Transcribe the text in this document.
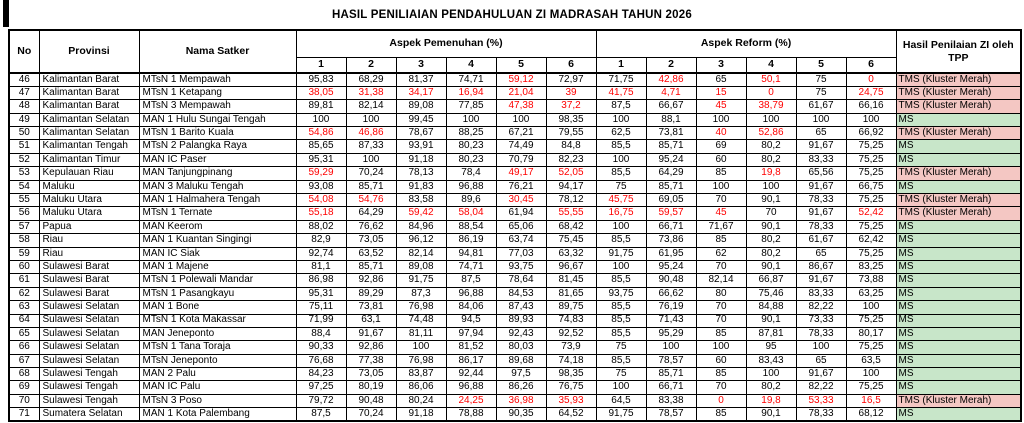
HASIL PENILIAIAN PENDAHULUAN ZI MADRASAH TAHUN 2026
No	Provinsi	Nama Satker	Aspek Pemenuhan (%)						Aspek Reform (%)						Hasil Penilaian ZI oleh TPP
			1	2	3	4	5	6	1	2	3	4	5	6	
46	Kalimantan Barat	MTsN 1 Mempawah	95,83	68,29	81,37	74,71	59,12	72,97	71,75	42,86	65	50,1	75	0	TMS (Kluster Merah)
47	Kalimantan Barat	MTsN 1 Ketapang	38,05	31,38	34,17	16,94	21,04	39	41,75	4,71	15	0	75	24,75	TMS (Kluster Merah)
48	Kalimantan Barat	MTsN 3 Mempawah	89,81	82,14	89,08	77,85	47,38	37,2	87,5	66,67	45	38,79	61,67	66,16	TMS (Kluster Merah)
49	Kalimantan Selatan	MAN 1 Hulu Sungai Tengah	100	100	99,45	100	100	98,35	100	88,1	100	100	100	100	MS
50	Kalimantan Selatan	MTsN 1 Barito Kuala	54,86	46,86	78,67	88,25	67,21	79,55	62,5	73,81	40	52,86	65	66,92	TMS (Kluster Merah)
51	Kalimantan Tengah	MTsN 2 Palangka Raya	85,65	87,33	93,91	80,23	74,49	84,8	85,5	85,71	69	80,2	91,67	75,25	MS
52	Kalimantan Timur	MAN IC Paser	95,31	100	91,18	80,23	70,79	82,23	100	95,24	60	80,2	83,33	75,25	MS
53	Kepulauan Riau	MAN Tanjungpinang	59,29	70,24	78,13	78,4	49,17	52,05	85,5	64,29	85	19,8	65,56	75,25	TMS (Kluster Merah)
54	Maluku	MAN 3 Maluku Tengah	93,08	85,71	91,83	96,88	76,21	94,17	75	85,71	100	100	91,67	66,75	MS
55	Maluku Utara	MAN 1 Halmahera Tengah	54,08	54,76	83,58	89,6	30,45	78,12	45,75	69,05	70	90,1	78,33	75,25	TMS (Kluster Merah)
56	Maluku Utara	MTsN 1 Ternate	55,18	64,29	59,42	58,04	61,94	55,55	16,75	59,57	45	70	91,67	52,42	TMS (Kluster Merah)
57	Papua	MAN Keerom	88,02	76,62	84,96	88,54	65,06	68,42	100	66,71	71,67	90,1	78,33	75,25	MS
58	Riau	MAN 1 Kuantan Singingi	82,9	73,05	96,12	86,19	63,74	75,45	85,5	73,86	85	80,2	61,67	62,42	MS
59	Riau	MAN IC Siak	92,74	63,52	82,14	94,81	77,03	63,32	91,75	61,95	62	80,2	65	75,25	MS
60	Sulawesi Barat	MAN 1 Majene	81,1	85,71	89,08	74,71	93,75	96,67	100	95,24	70	90,1	86,67	83,25	MS
61	Sulawesi Barat	MTsN 1 Polewali Mandar	86,98	92,86	91,75	87,5	78,64	81,45	85,5	90,48	82,14	66,87	91,67	73,88	MS
62	Sulawesi Barat	MTsN 1 Pasangkayu	95,31	89,29	87,3	96,88	84,53	81,65	93,75	66,62	80	75,46	83,33	63,25	MS
63	Sulawesi Selatan	MAN 1 Bone	75,11	73,81	76,98	84,06	87,43	89,75	85,5	76,19	70	84,88	82,22	100	MS
64	Sulawesi Selatan	MTsN 1 Kota Makassar	71,99	63,1	74,48	94,5	89,93	74,83	85,5	71,43	70	90,1	73,33	75,25	MS
65	Sulawesi Selatan	MAN Jeneponto	88,4	91,67	81,11	97,94	92,43	92,52	85,5	95,29	85	87,81	78,33	80,17	MS
66	Sulawesi Selatan	MTsN 1 Tana Toraja	90,33	92,86	100	81,52	80,03	73,9	75	100	100	95	100	75,25	MS
67	Sulawesi Selatan	MTsN Jeneponto	76,68	77,38	76,98	86,17	89,68	74,18	85,5	78,57	60	83,43	65	63,5	MS
68	Sulawesi Tengah	MAN 2 Palu	84,23	73,05	83,87	92,44	97,5	98,35	75	85,71	85	100	91,67	100	MS
69	Sulawesi Tengah	MAN IC Palu	97,25	80,19	86,06	96,88	86,26	76,75	100	66,71	70	80,2	82,22	75,25	MS
70	Sulawesi Tengah	MTsN 3 Poso	79,72	90,48	80,24	24,25	36,98	35,93	64,5	83,38	0	19,8	53,33	16,5	TMS (Kluster Merah)
71	Sumatera Selatan	MAN 1 Kota Palembang	87,5	70,24	91,18	78,88	90,35	64,52	91,75	78,57	85	90,1	78,33	68,12	MS
